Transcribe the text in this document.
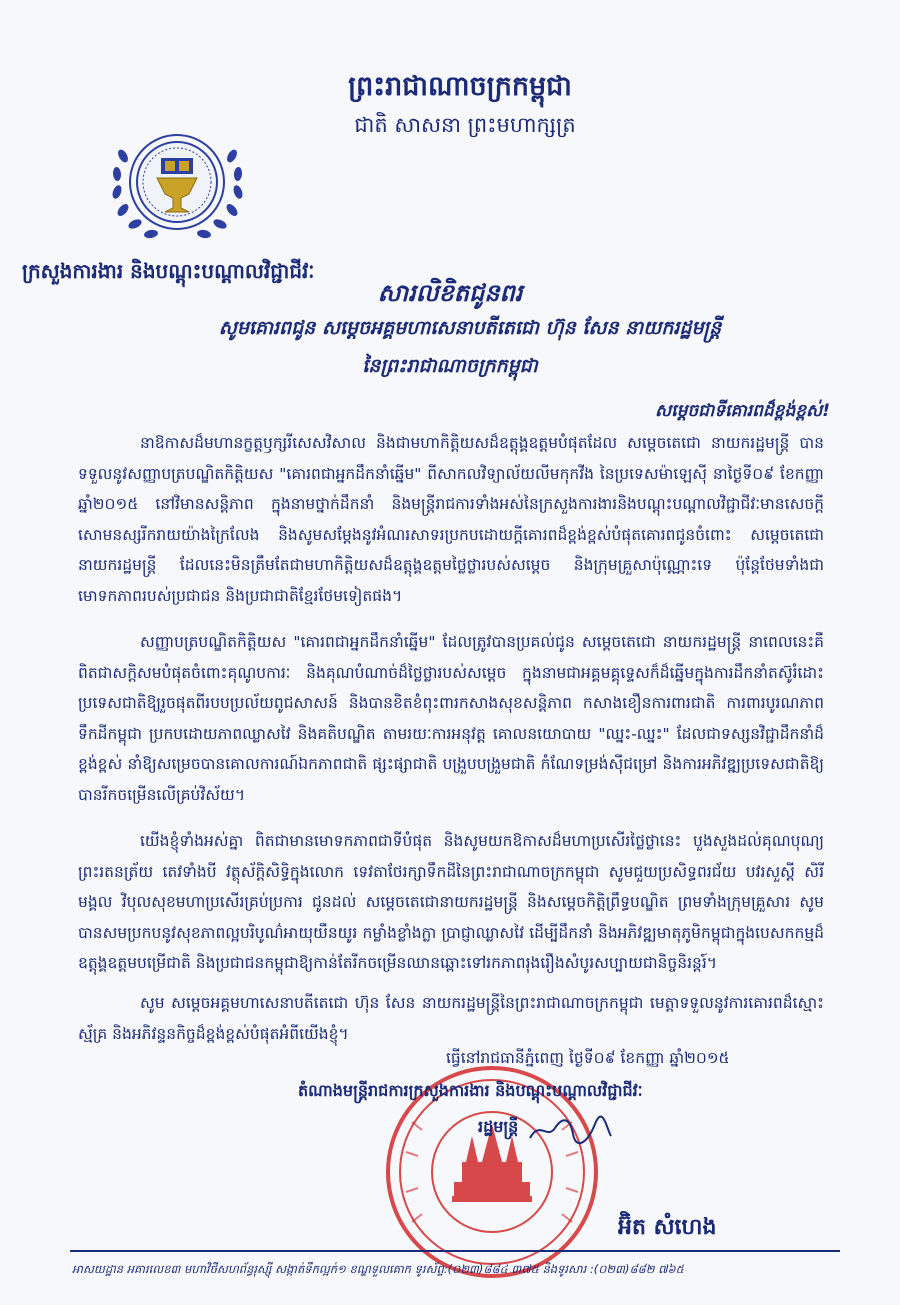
ព្រះរាជាណាចក្រកម្ពុជា
ជាតិ សាសនា ព្រះមហាក្សត្រ
ក្រសួងការងារ និងបណ្តុះបណ្តាលវិជ្ជាជីវៈ
សារលិខិតជូនពរ
សូមគោរពជូន សម្តេចអគ្គមហាសេនាបតីតេជោ ហ៊ុន សែន នាយករដ្ឋមន្ត្រី
នៃព្រះរាជាណាចក្រកម្ពុជា
សម្តេចជាទីគោរពដ៏ខ្ពង់ខ្ពស់!
នាឱកាសដ៏មហានក្ខត្តឫក្សរីសេសវិសាល និងជាមហាកិត្តិយសដ៏ឧត្តុង្គឧត្តមបំផុតដែល សម្តេចតេជោ នាយករដ្ឋមន្ត្រី បានទទួលនូវសញ្ញាបត្របណ្ឌិតកិត្តិយស "គោរពជាអ្នកដឹកនាំឆ្នើម" ពីសាកលវិទ្យាល័យលីមកុកវីង នៃប្រទេសម៉ាឡេស៊ី នាថ្ងៃទី០៩ ខែកញ្ញា ឆ្នាំ២០១៥ នៅវិមានសន្តិភាព ក្នុងនាមថ្នាក់ដឹកនាំ និងមន្ត្រីរាជការទាំងអស់នៃក្រសួងការងារនិងបណ្តុះបណ្តាលវិជ្ជាជីវៈមានសេចក្តីសោមនស្សរីករាយយ៉ាងក្រៃលែង និងសូមសម្តែងនូវអំណរសាទរប្រកបដោយក្តីគោរពដ៏ខ្ពង់ខ្ពស់បំផុតគោរពជូនចំពោះ សម្តេចតេជោនាយករដ្ឋមន្ត្រី ដែលនេះមិនត្រឹមតែជាមហាកិត្តិយសដ៏ឧត្តុង្គឧត្តមថ្លៃថ្លារបស់សម្តេច និងក្រុមគ្រួសាប៉ុណ្ណោះទេ ប៉ុន្តែថែមទាំងជាមោទកភាពរបស់ប្រជាជន និងប្រជាជាតិខ្មែរថែមទៀតផង។
សញ្ញាបត្របណ្ឌិតកិត្តិយស "គោរពជាអ្នកដឹកនាំឆ្នើម" ដែលត្រូវបានប្រគល់ជូន សម្តេចតេជោ នាយករដ្ឋមន្ត្រី នាពេលនេះគឺពិតជាសក្តិសមបំផុតចំពោះគុណូបការៈ និងគុណបំណាច់ដ៏ថ្លៃថ្លារបស់សម្តេច ក្នុងនាមជាអគ្គមគ្គុទ្ទេសក៏ដ៏ឆ្នើមក្នុងការដឹកនាំតស៊ូរំដោះប្រទេសជាតិឱ្យរួចផុតពីរបបប្រល័យពូជសាសន៍ និងបានខិតខំពុះពារកសាងសុខសន្តិភាព កសាងខឿនការពារជាតិ ការពារបូរណភាពទឹកដីកម្ពុជា ប្រកបដោយភាពឈ្លាសវៃ និងគតិបណ្ឌិត តាមរយៈការអនុវត្ត គោលនយោបាយ "ឈ្នះ-ឈ្នះ" ដែលជាទស្សនវិជ្ជាដឹកនាំដ៏ខ្ពង់ខ្ពស់ នាំឱ្យសម្រេចបានគោលការណ៍ឯកភាពជាតិ ផ្សះផ្សាជាតិ បង្រួបបង្រួមជាតិ កំណែទម្រង់ស៊ីជម្រៅ និងការអភិវឌ្ឍប្រទេសជាតិឱ្យបានរីកចម្រើនលើគ្រប់វិស័យ។
យើងខ្ញុំទាំងអស់គ្នា ពិតជាមានមោទកភាពជាទីបំផុត និងសូមយកឱកាសដ៏មហាប្រសើរថ្លៃថ្លានេះ បួងសួងដល់គុណបុណ្យព្រះរតនត្រ័យ តេវទាំងបី វត្ថុស័ក្តិសិទ្ធិក្នុងលោក ទេវតាថែរក្សាទឹកដីនៃព្រះរាជាណាចក្រកម្ពុជា សូមជួយប្រសិទ្ធពរជ័យ បវរសួស្តី សិរីមង្គល វិបុលសុខមហាប្រសើរគ្រប់ប្រការ ជូនដល់ សម្តេចតេជោនាយករដ្ឋមន្ត្រី និងសម្តេចកិត្តិព្រឹទ្ធបណ្ឌិត ព្រមទាំងក្រុមគ្រួសារ សូមបានសមប្រកបនូវសុខភាពល្អបរិបូណ៌អាយុយឺនយូរ កម្លាំងខ្លាំងក្លា ប្រាជ្ញាឈ្លាសវៃ ដើម្បីដឹកនាំ និងអភិវឌ្ឍមាតុភូមិកម្ពុជាក្នុងបេសកកម្មដ៏ឧត្តុង្គឧត្តមបម្រើជាតិ និងប្រជាជនកម្ពុជាឱ្យកាន់តែរីកចម្រើនឈានឆ្ពោះទៅរកភាពរុងរឿងសំបូរសប្បាយជានិច្ចនិរន្តរ៍។
សូម សម្តេចអគ្គមហាសេនាបតីតេជោ ហ៊ុន សែន នាយករដ្ឋមន្ត្រីនៃព្រះរាជាណាចក្រកម្ពុជា មេត្តាទទួលនូវការគោរពដ៏ស្មោះស្ម័គ្រ និងអភិវន្ទនកិច្ចដ៏ខ្ពង់ខ្ពស់បំផុតអំពីយើងខ្ញុំ។
ធ្វើនៅរាជធានីភ្នំពេញ ថ្ងៃទី០៩ ខែកញ្ញា ឆ្នាំ២០១៥
តំណាងមន្ត្រីរាជការក្រសួងការងារ និងបណ្តុះបណ្តាលវិជ្ជាជីវៈ
រដ្ឋមន្ត្រី
អ៊ិត សំហេង
អាសយដ្ឋាន អគារលេខ៣ មហាវិថីសហព័ន្ធរុស្ស៊ី សង្កាត់ទឹកល្អក់១ ខណ្ឌទួលគោក ទូរស័ព្ទ:(០២៣)៨៨៤ ៣៧៥ និងទូរសារ :(០២៣)៨៨២ ៧៦៥
